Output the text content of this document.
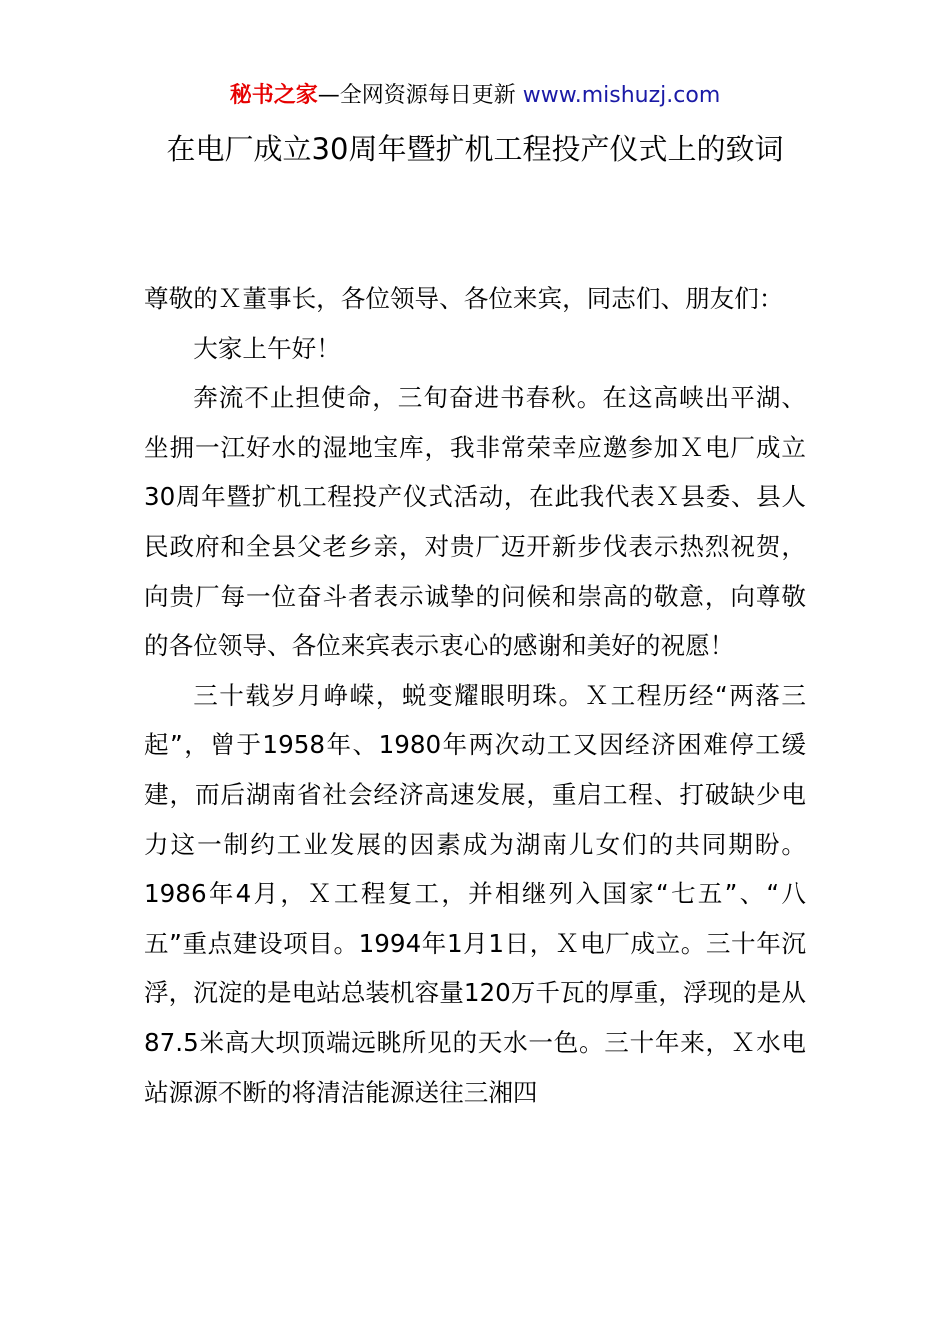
秘书之家—全网资源每日更新 www.mishuzj.com
在电厂成立30周年暨扩机工程投产仪式上的致词

尊敬的Ｘ董事长，各位领导、各位来宾，同志们、朋友们：

大家上午好！

奔流不止担使命，三旬奋进书春秋。在这高峡出平湖、坐拥一江好水的湿地宝库，我非常荣幸应邀参加Ｘ电厂成立30周年暨扩机工程投产仪式活动，在此我代表Ｘ县委、县人民政府和全县父老乡亲，对贵厂迈开新步伐表示热烈祝贺，向贵厂每一位奋斗者表示诚挚的问候和崇高的敬意，向尊敬的各位领导、各位来宾表示衷心的感谢和美好的祝愿！

三十载岁月峥嵘，蜕变耀眼明珠。Ｘ工程历经“两落三起”，曾于1958年、1980年两次动工又因经济困难停工缓建，而后湖南省社会经济高速发展，重启工程、打破缺少电力这一制约工业发展的因素成为湖南儿女们的共同期盼。1986年4月，Ｘ工程复工，并相继列入国家“七五”、“八五”重点建设项目。1994年1月1日，Ｘ电厂成立。三十年沉浮，沉淀的是电站总装机容量120万千瓦的厚重，浮现的是从87.5米高大坝顶端远眺所见的天水一色。三十年来，Ｘ水电站源源不断的将清洁能源送往三湘四
